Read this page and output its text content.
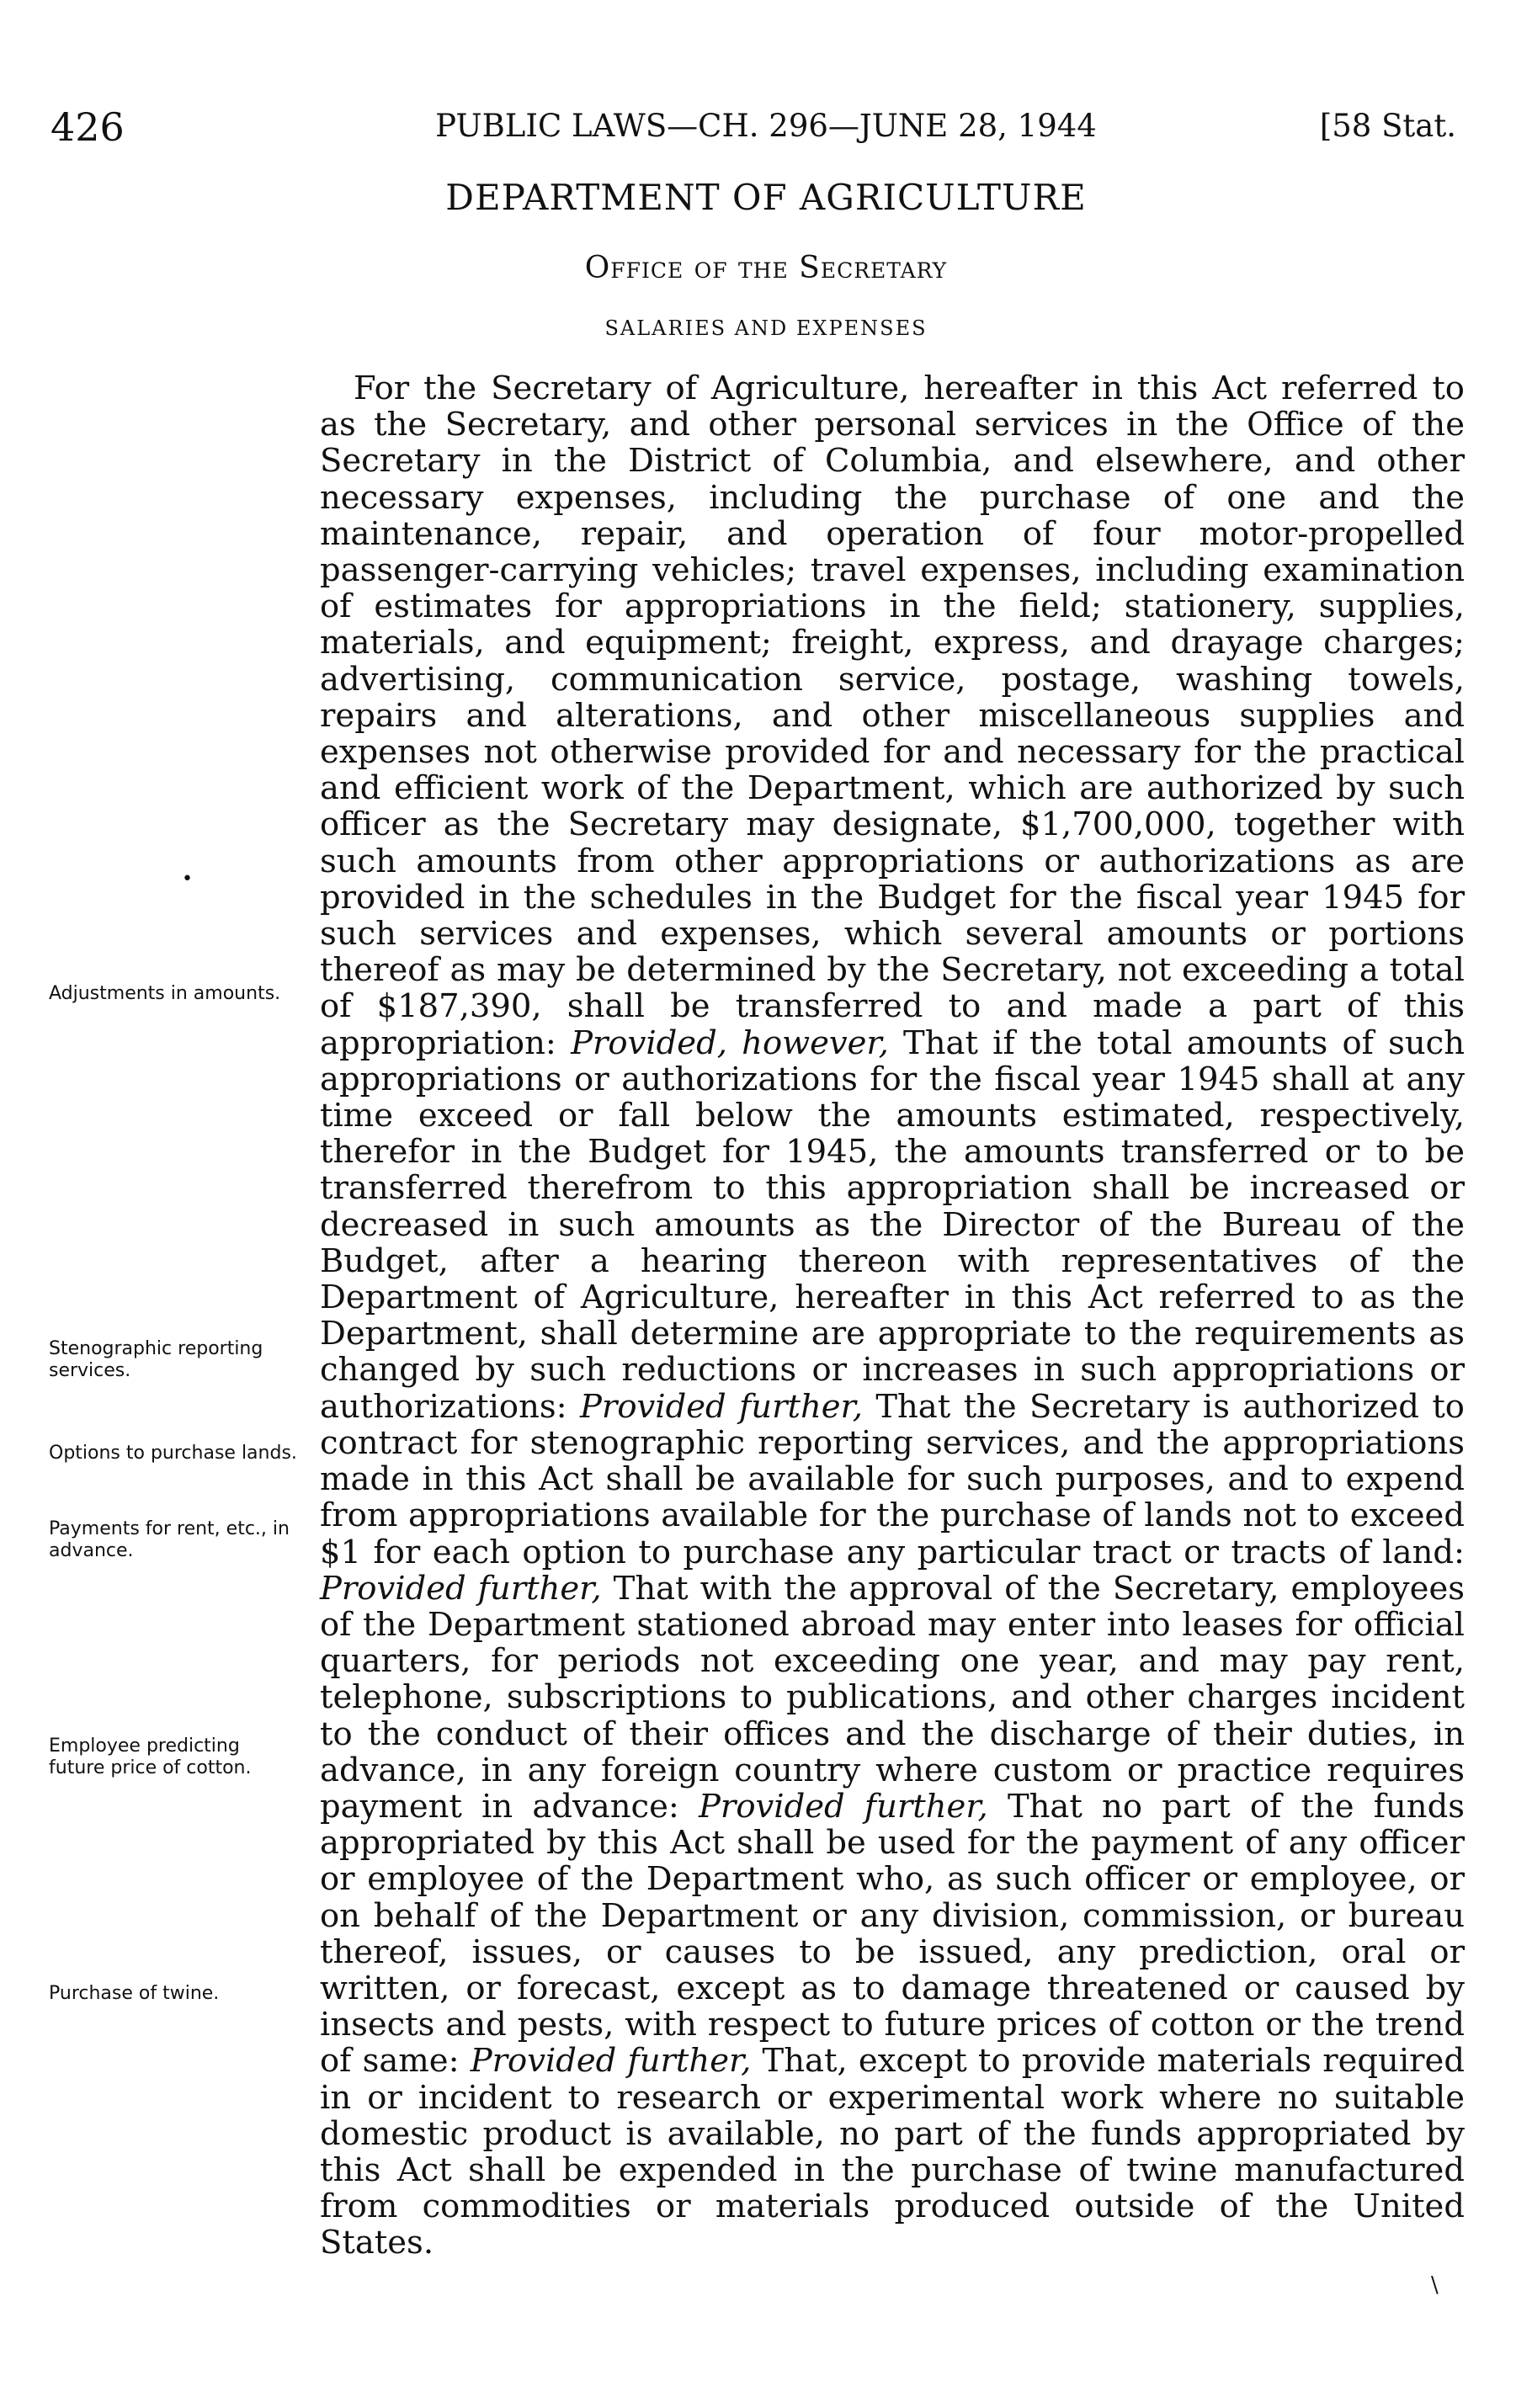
426	PUBLIC LAWS—CH. 296—JUNE 28, 1944	[58 Stat.
DEPARTMENT OF AGRICULTURE
Office of the Secretary
SALARIES AND EXPENSES
Adjustments in amounts.
Stenographic reporting services.
Options to purchase lands.
Payments for rent, etc., in advance.
Employee predicting future price of cotton.
Purchase of twine.
•

For the Secretary of Agriculture, hereafter in this Act referred to as the Secretary, and other personal services in the Office of the Secretary in the District of Columbia, and elsewhere, and other necessary expenses, including the purchase of one and the maintenance, repair, and operation of four motor-propelled passenger-carrying vehicles; travel expenses, including examination of estimates for appropriations in the field; stationery, supplies, materials, and equipment; freight, express, and drayage charges; advertising, communication service, postage, washing towels, repairs and alterations, and other miscellaneous supplies and expenses not otherwise provided for and necessary for the practical and efficient work of the Department, which are authorized by such officer as the Secretary may designate, $1,700,000, together with such amounts from other appropriations or authorizations as are provided in the schedules in the Budget for the fiscal year 1945 for such services and expenses, which several amounts or portions thereof as may be determined by the Secretary, not exceeding a total of $187,390, shall be transferred to and made a part of this appropriation: Provided, however, That if the total amounts of such appropriations or authorizations for the fiscal year 1945 shall at any time exceed or fall below the amounts estimated, respectively, therefor in the Budget for 1945, the amounts transferred or to be transferred therefrom to this appropriation shall be increased or decreased in such amounts as the Director of the Bureau of the Budget, after a hearing thereon with representatives of the Department of Agriculture, hereafter in this Act referred to as the Department, shall determine are appropriate to the requirements as changed by such reductions or increases in such appropriations or authorizations: Provided further, That the Secretary is authorized to contract for stenographic reporting services, and the appropriations made in this Act shall be available for such purposes, and to expend from appropriations available for the purchase of lands not to exceed $1 for each option to purchase any particular tract or tracts of land: Provided further, That with the approval of the Secretary, employees of the Department stationed abroad may enter into leases for official quarters, for periods not exceeding one year, and may pay rent, telephone, subscriptions to publications, and other charges incident to the conduct of their offices and the discharge of their duties, in advance, in any foreign country where custom or practice requires payment in advance: Provided further, That no part of the funds appropriated by this Act shall be used for the payment of any officer or employee of the Department who, as such officer or employee, or on behalf of the Department or any division, commission, or bureau thereof, issues, or causes to be issued, any prediction, oral or written, or forecast, except as to damage threatened or caused by insects and pests, with respect to future prices of cotton or the trend of same: Provided further, That, except to provide materials required in or incident to research or experimental work where no suitable domestic product is available, no part of the funds appropriated by this Act shall be expended in the purchase of twine manufactured from commodities or materials produced outside of the United States.

\
